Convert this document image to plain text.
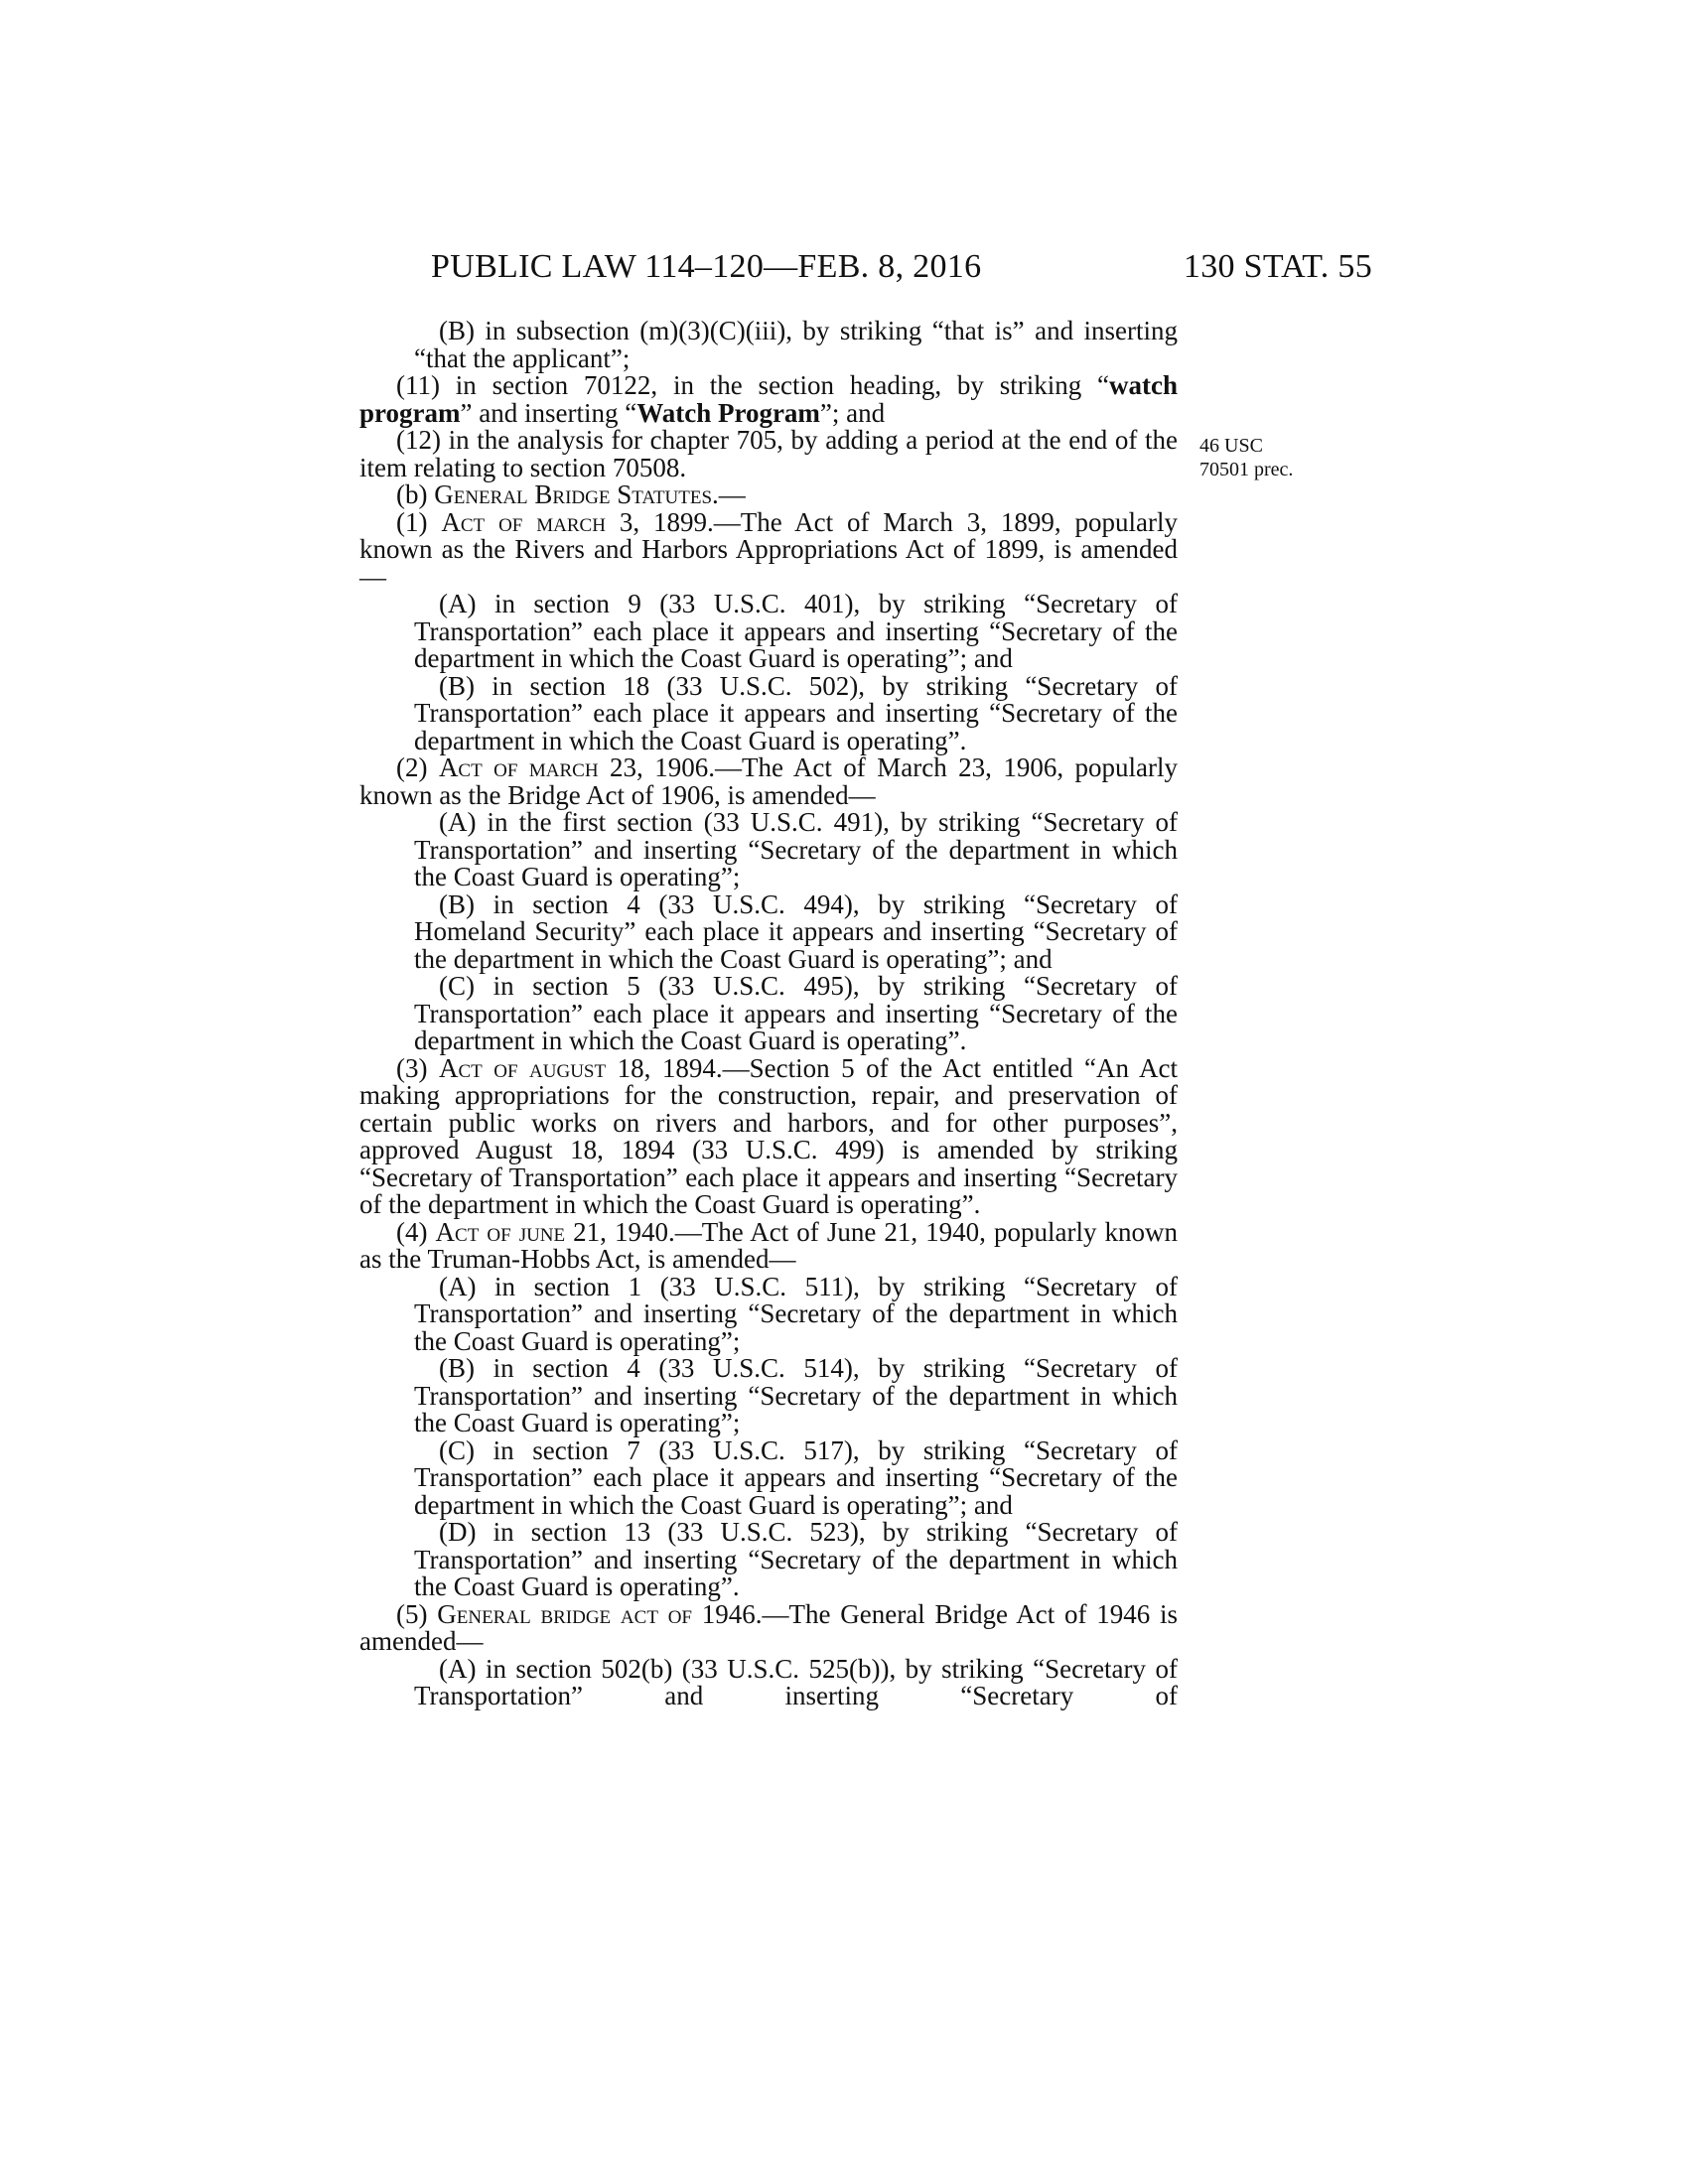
PUBLIC LAW 114–120—FEB. 8, 2016	130 STAT. 55
46 USC
70501 prec.

(B) in subsection (m)(3)(C)(iii), by striking “that is” and inserting “that the applicant”;

(11) in section 70122, in the section heading, by striking “watch program” and inserting “Watch Program”; and

(12) in the analysis for chapter 705, by adding a period at the end of the item relating to section 70508.

(b) General Bridge Statutes.—

(1) Act of march 3, 1899.—The Act of March 3, 1899, popularly known as the Rivers and Harbors Appropriations Act of 1899, is amended—

(A) in section 9 (33 U.S.C. 401), by striking “Secretary of Transportation” each place it appears and inserting “Secretary of the department in which the Coast Guard is operating”; and

(B) in section 18 (33 U.S.C. 502), by striking “Secretary of Transportation” each place it appears and inserting “Secretary of the department in which the Coast Guard is operating”.

(2) Act of march 23, 1906.—The Act of March 23, 1906, popularly known as the Bridge Act of 1906, is amended—

(A) in the first section (33 U.S.C. 491), by striking “Secretary of Transportation” and inserting “Secretary of the department in which the Coast Guard is operating”;

(B) in section 4 (33 U.S.C. 494), by striking “Secretary of Homeland Security” each place it appears and inserting “Secretary of the department in which the Coast Guard is operating”; and

(C) in section 5 (33 U.S.C. 495), by striking “Secretary of Transportation” each place it appears and inserting “Secretary of the department in which the Coast Guard is operating”.

(3) Act of august 18, 1894.—Section 5 of the Act entitled “An Act making appropriations for the construction, repair, and preservation of certain public works on rivers and harbors, and for other purposes”, approved August 18, 1894 (33 U.S.C. 499) is amended by striking “Secretary of Transportation” each place it appears and inserting “Secretary of the department in which the Coast Guard is operating”.

(4) Act of june 21, 1940.—The Act of June 21, 1940, popularly known as the Truman-Hobbs Act, is amended—

(A) in section 1 (33 U.S.C. 511), by striking “Secretary of Transportation” and inserting “Secretary of the department in which the Coast Guard is operating”;

(B) in section 4 (33 U.S.C. 514), by striking “Secretary of Transportation” and inserting “Secretary of the department in which the Coast Guard is operating”;

(C) in section 7 (33 U.S.C. 517), by striking “Secretary of Transportation” each place it appears and inserting “Secretary of the department in which the Coast Guard is operating”; and

(D) in section 13 (33 U.S.C. 523), by striking “Secretary of Transportation” and inserting “Secretary of the department in which the Coast Guard is operating”.

(5) General bridge act of 1946.—The General Bridge Act of 1946 is amended—

(A) in section 502(b) (33 U.S.C. 525(b)), by striking “Secretary of Transportation” and inserting “Secretary of
